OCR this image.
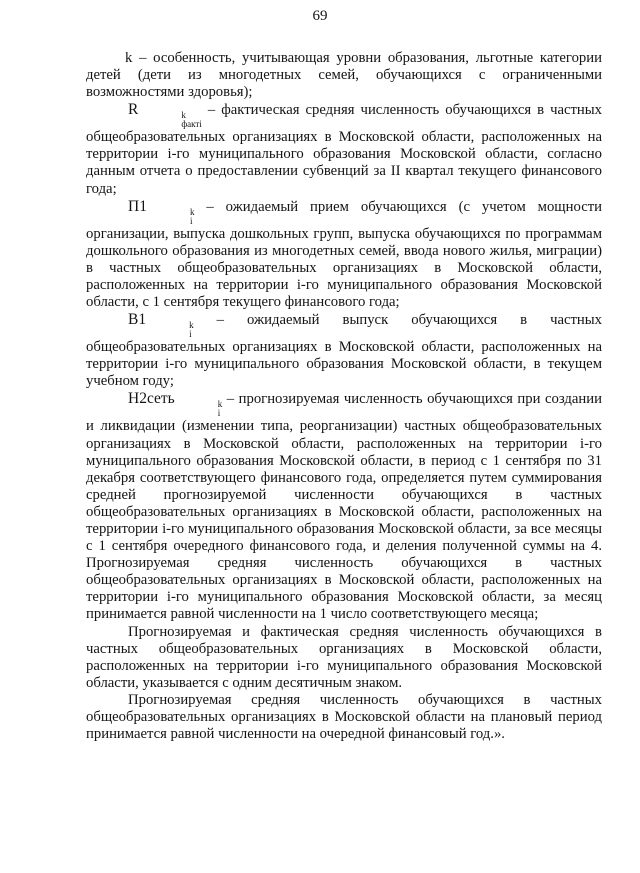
69

k – особенность, учитывающая уровни образования, льготные категории детей (дети из многодетных семей, обучающихся с ограниченными возможностями здоровья);

R	k
фактi
– фактическая средняя численность обучающихся в частных общеобразовательных организациях в Московской области, расположенных на территории i-го муниципального образования Московской области, согласно данным отчета о предоставлении субвенций за II квартал текущего финансового года;

П1	k
i
– ожидаемый прием обучающихся (с учетом мощности организации, выпуска дошкольных групп, выпуска обучающихся по программам дошкольного образования из многодетных семей, ввода нового жилья, миграции) в частных общеобразовательных организациях в Московской области, расположенных на территории i-го муниципального образования Московской области, с 1 сентября текущего финансового года;

В1	k
i
– ожидаемый выпуск обучающихся в частных общеобразовательных организациях в Московской области, расположенных на территории i-го муниципального образования Московской области, в текущем учебном году;

Н2сеть	k
i
– прогнозируемая численность обучающихся при создании и ликвидации (изменении типа, реорганизации) частных общеобразовательных организациях в Московской области, расположенных на территории i-го муниципального образования Московской области, в период с 1 сентября по 31 декабря соответствующего финансового года, определяется путем суммирования средней прогнозируемой численности обучающихся в частных общеобразовательных организациях в Московской области, расположенных на территории i-го муниципального образования Московской области, за все месяцы с 1 сентября очередного финансового года, и деления полученной суммы на 4. Прогнозируемая средняя численность обучающихся в частных общеобразовательных организациях в Московской области, расположенных на территории i-го муниципального образования Московской области, за месяц принимается равной численности на 1 число соответствующего месяца;

Прогнозируемая и фактическая средняя численность обучающихся в частных общеобразовательных организациях в Московской области, расположенных на территории i-го муниципального образования Московской области, указывается с одним десятичным знаком.

Прогнозируемая средняя численность обучающихся в частных общеобразовательных организациях в Московской области на плановый период принимается равной численности на очередной финансовый год.».
